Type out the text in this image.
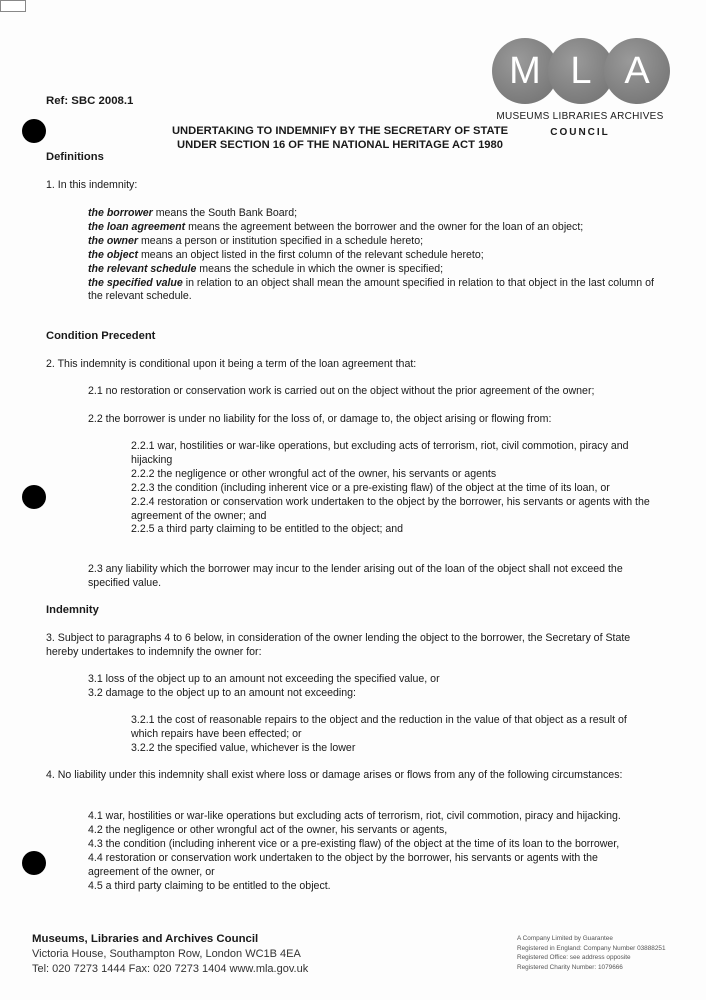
Ref: SBC 2008.1
M L A
MUSEUMS LIBRARIES ARCHIVES
COUNCIL
UNDERTAKING TO INDEMNIFY BY THE SECRETARY OF STATE
UNDER SECTION 16 OF THE NATIONAL HERITAGE ACT 1980
Definitions
1. In this indemnity:
the borrower means the South Bank Board;
the loan agreement means the agreement between the borrower and the owner for the loan of an object;
the owner means a person or institution specified in a schedule hereto;
the object means an object listed in the first column of the relevant schedule hereto;
the relevant schedule means the schedule in which the owner is specified;
the specified value in relation to an object shall mean the amount specified in relation to that object in the last column of the relevant schedule.
Condition Precedent
2. This indemnity is conditional upon it being a term of the loan agreement that:
2.1 no restoration or conservation work is carried out on the object without the prior agreement of the owner;
2.2 the borrower is under no liability for the loss of, or damage to, the object arising or flowing from:
2.2.1 war, hostilities or war-like operations, but excluding acts of terrorism, riot, civil commotion, piracy and hijacking
2.2.2 the negligence or other wrongful act of the owner, his servants or agents
2.2.3 the condition (including inherent vice or a pre-existing flaw) of the object at the time of its loan, or
2.2.4 restoration or conservation work undertaken to the object by the borrower, his servants or agents with the agreement of the owner; and
2.2.5 a third party claiming to be entitled to the object; and
2.3 any liability which the borrower may incur to the lender arising out of the loan of the object shall not exceed the specified value.
Indemnity
3. Subject to paragraphs 4 to 6 below, in consideration of the owner lending the object to the borrower, the Secretary of State hereby undertakes to indemnify the owner for:
3.1 loss of the object up to an amount not exceeding the specified value, or
3.2 damage to the object up to an amount not exceeding:
3.2.1 the cost of reasonable repairs to the object and the reduction in the value of that object as a result of which repairs have been effected; or
3.2.2 the specified value, whichever is the lower
4. No liability under this indemnity shall exist where loss or damage arises or flows from any of the following circumstances:
4.1 war, hostilities or war-like operations but excluding acts of terrorism, riot, civil commotion, piracy and hijacking.
4.2 the negligence or other wrongful act of the owner, his servants or agents,
4.3 the condition (including inherent vice or a pre-existing flaw) of the object at the time of its loan to the borrower,
4.4 restoration or conservation work undertaken to the object by the borrower, his servants or agents with the agreement of the owner, or
4.5 a third party claiming to be entitled to the object.
Museums, Libraries and Archives Council
Victoria House, Southampton Row, London WC1B 4EA
Tel: 020 7273 1444 Fax: 020 7273 1404 www.mla.gov.uk
A Company Limited by Guarantee
Registered in England: Company Number 03888251
Registered Office: see address opposite
Registered Charity Number: 1079666
